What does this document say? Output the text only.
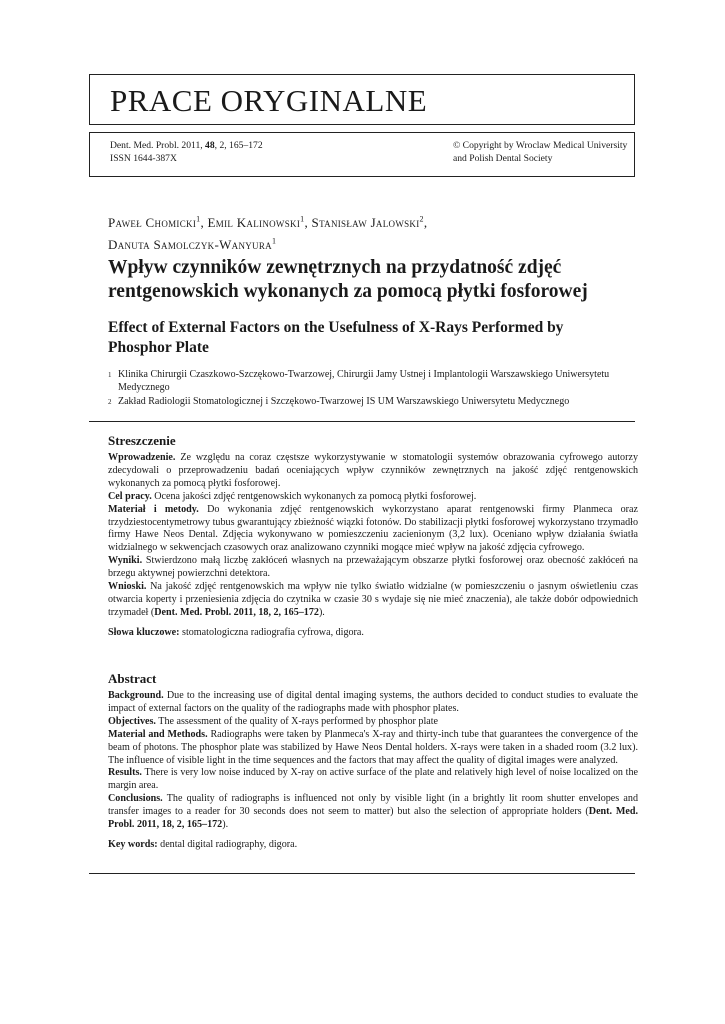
PRACE ORYGINALNE
Dent. Med. Probl. 2011, 48, 2, 165–172
ISSN 1644-387X
© Copyright by Wroclaw Medical University
and Polish Dental Society
Paweł Chomicki$^1$, Emil Kalinowski$^1$, Stanisław Jalowski$^2$,
Danuta Samolczyk-Wanyura$^1$
Wpływ czynników zewnętrznych na przydatność zdjęć rentgenowskich wykonanych za pomocą płytki fosforowej
Effect of External Factors on the Usefulness of X-Rays Performed by Phosphor Plate
1 Klinika Chirurgii Czaszkowo-Szczękowo-Twarzowej, Chirurgii Jamy Ustnej i Implantologii Warszawskiego Uniwersytetu Medycznego
2 Zakład Radiologii Stomatologicznej i Szczękowo-Twarzowej IS UM Warszawskiego Uniwersytetu Medycznego
Streszczenie

Wprowadzenie. Ze względu na coraz częstsze wykorzystywanie w stomatologii systemów obrazowania cyfrowego autorzy zdecydowali o przeprowadzeniu badań oceniających wpływ czynników zewnętrznych na jakość zdjęć rentgenowskich wykonanych za pomocą płytki fosforowej.

Cel pracy. Ocena jakości zdjęć rentgenowskich wykonanych za pomocą płytki fosforowej.

Materiał i metody. Do wykonania zdjęć rentgenowskich wykorzystano aparat rentgenowski firmy Planmeca oraz trzydziestocentymetrowy tubus gwarantujący zbieżność wiązki fotonów. Do stabilizacji płytki fosforowej wykorzystano trzymadło firmy Hawe Neos Dental. Zdjęcia wykonywano w pomieszczeniu zacienionym (3,2 lux). Oceniano wpływ działania światła widzialnego w sekwencjach czasowych oraz analizowano czynniki mogące mieć wpływ na jakość zdjęcia cyfrowego.

Wyniki. Stwierdzono małą liczbę zakłóceń własnych na przeważającym obszarze płytki fosforowej oraz obecność zakłóceń na brzegu aktywnej powierzchni detektora.

Wnioski. Na jakość zdjęć rentgenowskich ma wpływ nie tylko światło widzialne (w pomieszczeniu o jasnym oświetleniu czas otwarcia koperty i przeniesienia zdjęcia do czytnika w czasie 30 s wydaje się nie mieć znaczenia), ale także dobór odpowiednich trzymadeł (Dent. Med. Probl. 2011, 18, 2, 165–172).

Słowa kluczowe: stomatologiczna radiografia cyfrowa, digora.

Abstract

Background. Due to the increasing use of digital dental imaging systems, the authors decided to conduct studies to evaluate the impact of external factors on the quality of the radiographs made with phosphor plates.

Objectives. The assessment of the quality of X-rays performed by phosphor plate

Material and Methods. Radiographs were taken by Planmeca's X-ray and thirty-inch tube that guarantees the convergence of the beam of photons. The phosphor plate was stabilized by Hawe Neos Dental holders. X-rays were taken in a shaded room (3.2 lux). The influence of visible light in the time sequences and the factors that may affect the quality of digital images were analyzed.

Results. There is very low noise induced by X-ray on active surface of the plate and relatively high level of noise localized on the margin area.

Conclusions. The quality of radiographs is influenced not only by visible light (in a brightly lit room shutter envelopes and transfer images to a reader for 30 seconds does not seem to matter) but also the selection of appropriate holders (Dent. Med. Probl. 2011, 18, 2, 165–172).

Key words: dental digital radiography, digora.
